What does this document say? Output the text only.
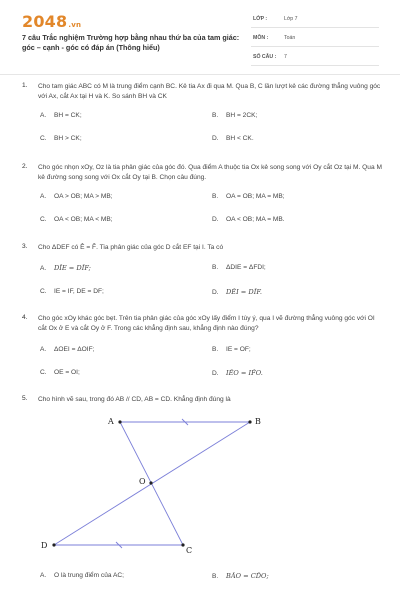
2048.vn
7 câu Trắc nghiệm Trường hợp bằng nhau thứ ba của tam giác: góc – cạnh - góc có đáp án (Thông hiểu)
LỚP :	Lớp 7
MÔN :	Toán
SỐ CÂU : 7
1. Cho tam giác ABC có M là trung điểm cạnh BC. Kẻ tia Ax đi qua M. Qua B, C lần lượt kẻ các đường thẳng vuông góc với Ax, cắt Ax tại H và K. So sánh BH và CK
A. BH = CK;	B. BH = 2CK;
C. BH > CK;	D. BH < CK.
2. Cho góc nhọn xOy, Oz là tia phân giác của góc đó. Qua điểm A thuộc tia Ox kẻ song song với Oy cắt Oz tại M. Qua M kẻ đường song song với Ox cắt Oy tại B. Chọn câu đúng.
A. OA > OB; MA > MB;	B. OA = OB; MA = MB;
C. OA < OB; MA < MB;	D. OA < OB; MA = MB.
3. Cho ΔDEF có Ê = F̂. Tia phân giác của góc D cắt EF tại I. Ta có
A. DÎE = DÎF;	B. ΔDIE = ΔFDI;
C. IE = IF, DE = DF;	D. DÊI = DÎF.
4. Cho góc xOy khác góc bẹt. Trên tia phân giác của góc xOy lấy điểm I tùy ý, qua I vẽ đường thẳng vuông góc với OI cắt Ox ở E và cắt Oy ở F. Trong các khẳng định sau, khẳng định nào đúng?
A. ΔOEI = ΔOIF;	B. IE = OF;
C. OE = OI;	D. IÊO = IF̂O.
5. Cho hình vẽ sau, trong đó AB // CD, AB = CD. Khẳng định đúng là
A	B
D
C
O
A. O là trung điểm của AC;	B. BÂO = CD̂O;
